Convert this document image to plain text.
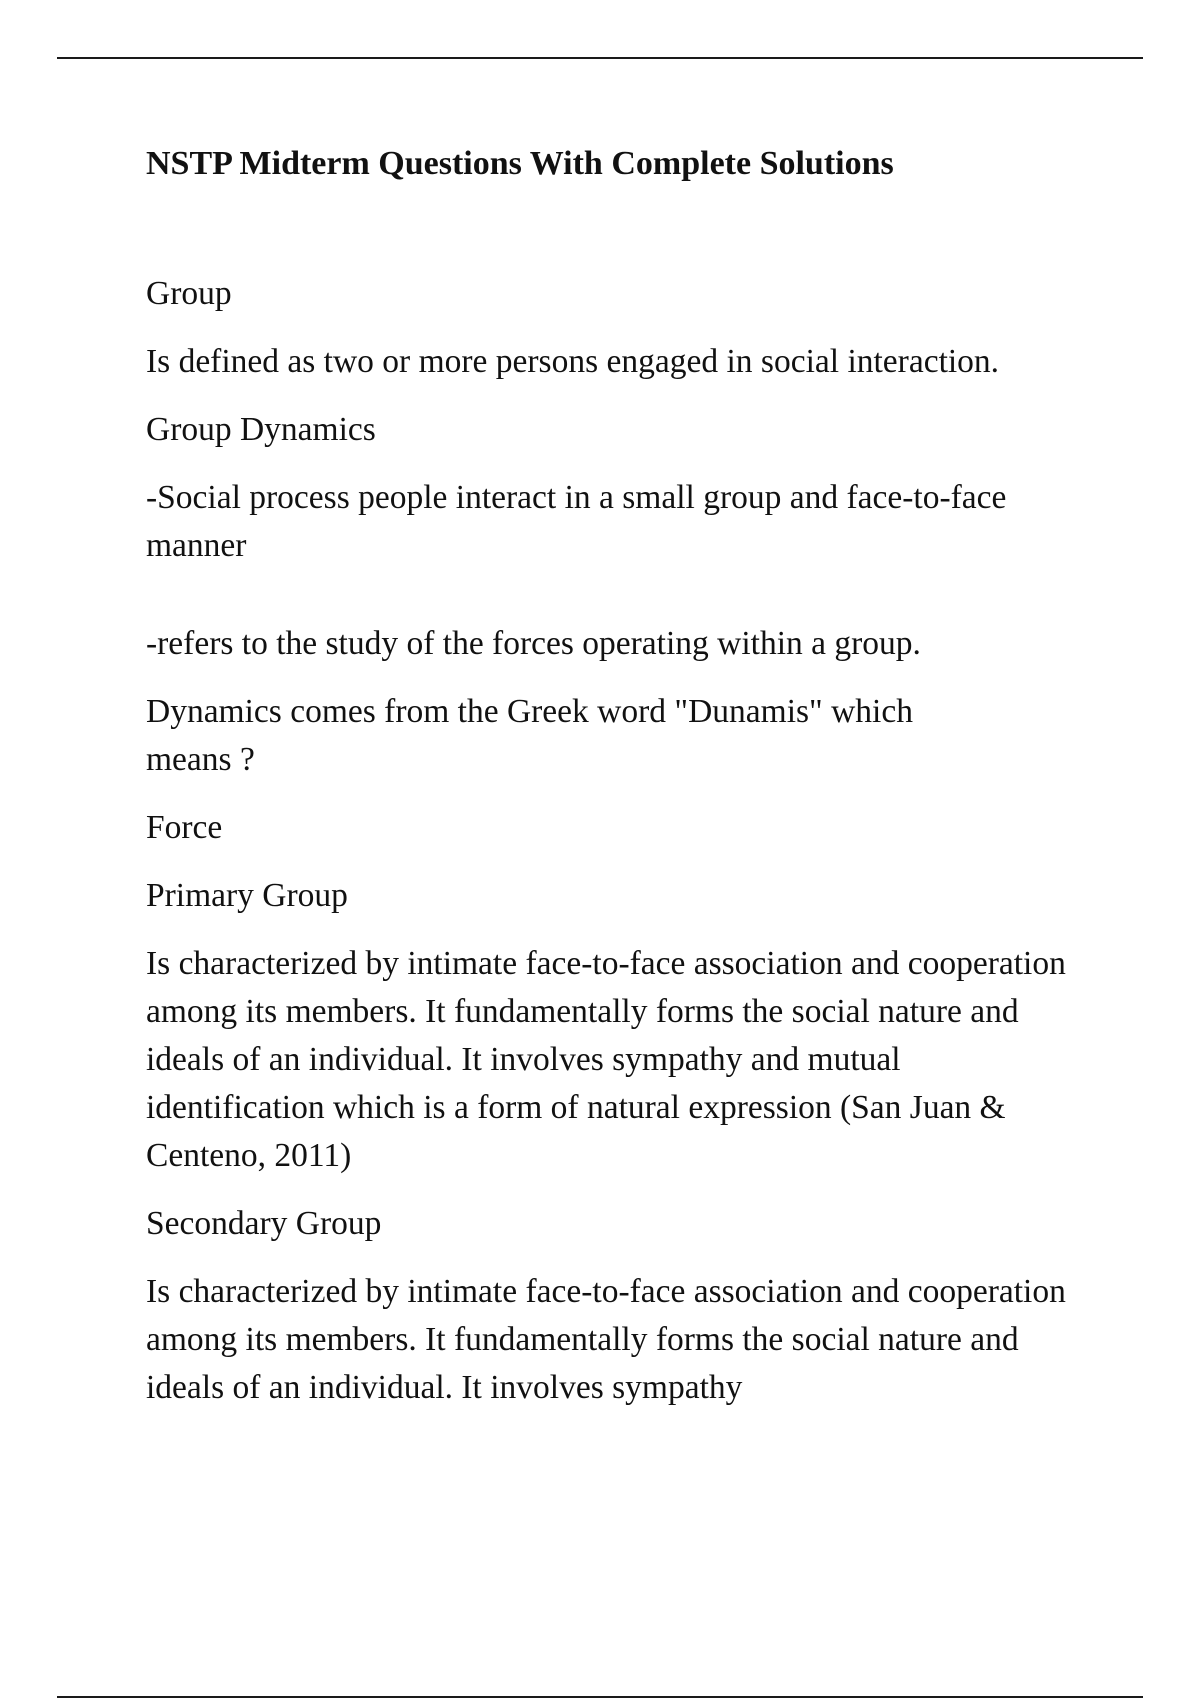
NSTP Midterm Questions With Complete Solutions

Group

Is defined as two or more persons engaged in social interaction.

Group Dynamics

-Social process people interact in a small group and face-to-face manner

-refers to the study of the forces operating within a group.

Dynamics comes from the Greek word "Dunamis" which means ?

Force

Primary Group

Is characterized by intimate face-to-face association and cooperation among its members. It fundamentally forms the social nature and ideals of an individual. It involves sympathy and mutual identification which is a form of natural expression (San Juan & Centeno, 2011)

Secondary Group

Is characterized by intimate face-to-face association and cooperation among its members. It fundamentally forms the social nature and ideals of an individual. It involves sympathy
